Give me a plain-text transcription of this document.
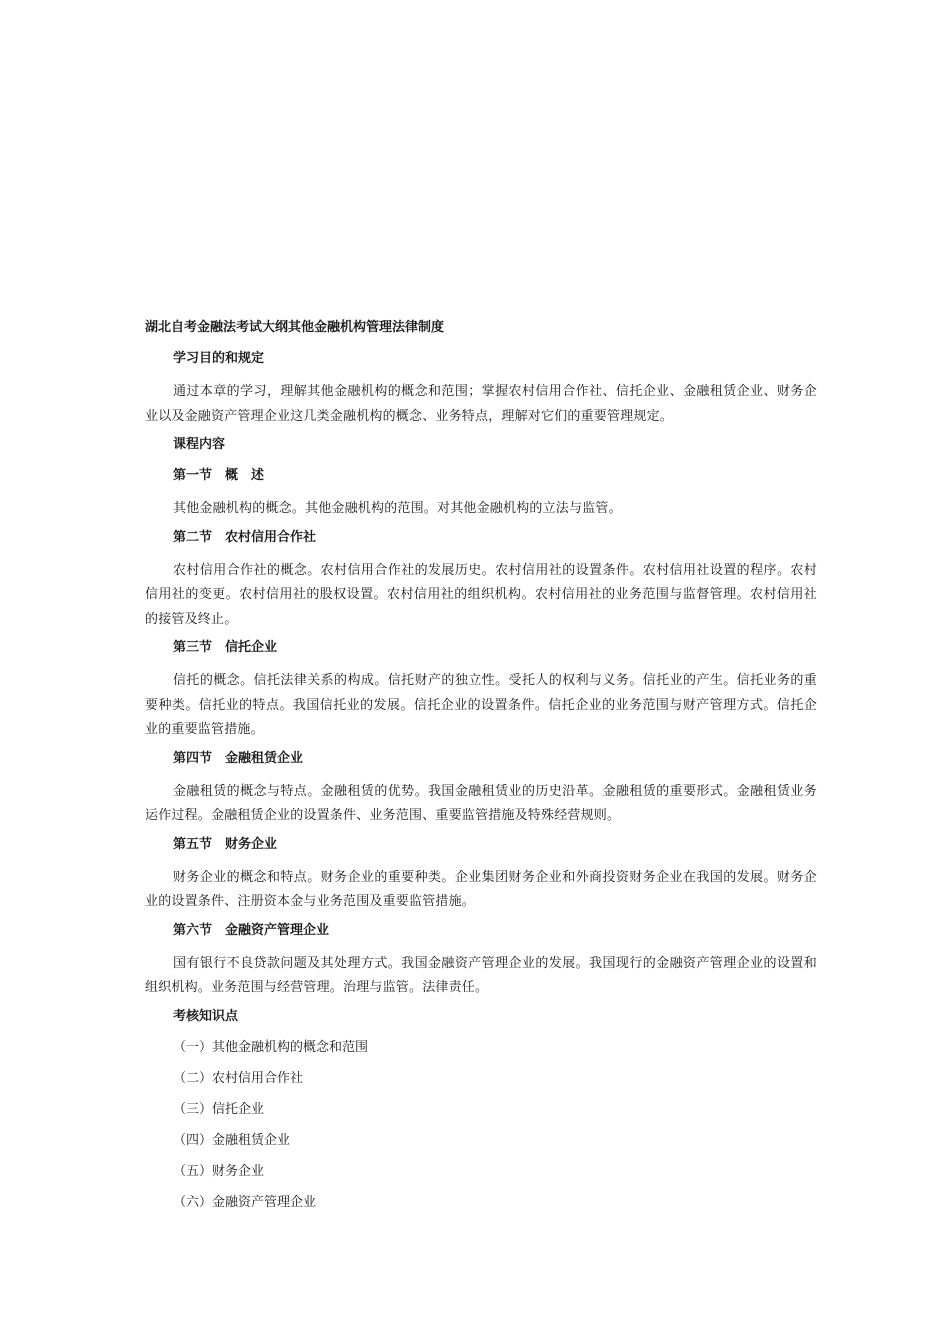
湖北自考金融法考试大纲其他金融机构管理法律制度
学习目的和规定

通过本章的学习，理解其他金融机构的概念和范围；掌握农村信用合作社、信托企业、金融租赁企业、财务企业以及金融资产管理企业这几类金融机构的概念、业务特点，理解对它们的重要管理规定。

课程内容
第一节　概　述

其他金融机构的概念。其他金融机构的范围。对其他金融机构的立法与监管。

第二节　农村信用合作社

农村信用合作社的概念。农村信用合作社的发展历史。农村信用社的设置条件。农村信用社设置的程序。农村信用社的变更。农村信用社的股权设置。农村信用社的组织机构。农村信用社的业务范围与监督管理。农村信用社的接管及终止。

第三节　信托企业

信托的概念。信托法律关系的构成。信托财产的独立性。受托人的权利与义务。信托业的产生。信托业务的重要种类。信托业的特点。我国信托业的发展。信托企业的设置条件。信托企业的业务范围与财产管理方式。信托企业的重要监管措施。

第四节　金融租赁企业

金融租赁的概念与特点。金融租赁的优势。我国金融租赁业的历史沿革。金融租赁的重要形式。金融租赁业务运作过程。金融租赁企业的设置条件、业务范围、重要监管措施及特殊经营规则。

第五节　财务企业

财务企业的概念和特点。财务企业的重要种类。企业集团财务企业和外商投资财务企业在我国的发展。财务企业的设置条件、注册资本金与业务范围及重要监管措施。

第六节　金融资产管理企业

国有银行不良贷款问题及其处理方式。我国金融资产管理企业的发展。我国现行的金融资产管理企业的设置和组织机构。业务范围与经营管理。治理与监管。法律责任。

考核知识点
（一）其他金融机构的概念和范围
（二）农村信用合作社
（三）信托企业
（四）金融租赁企业
（五）财务企业
（六）金融资产管理企业
